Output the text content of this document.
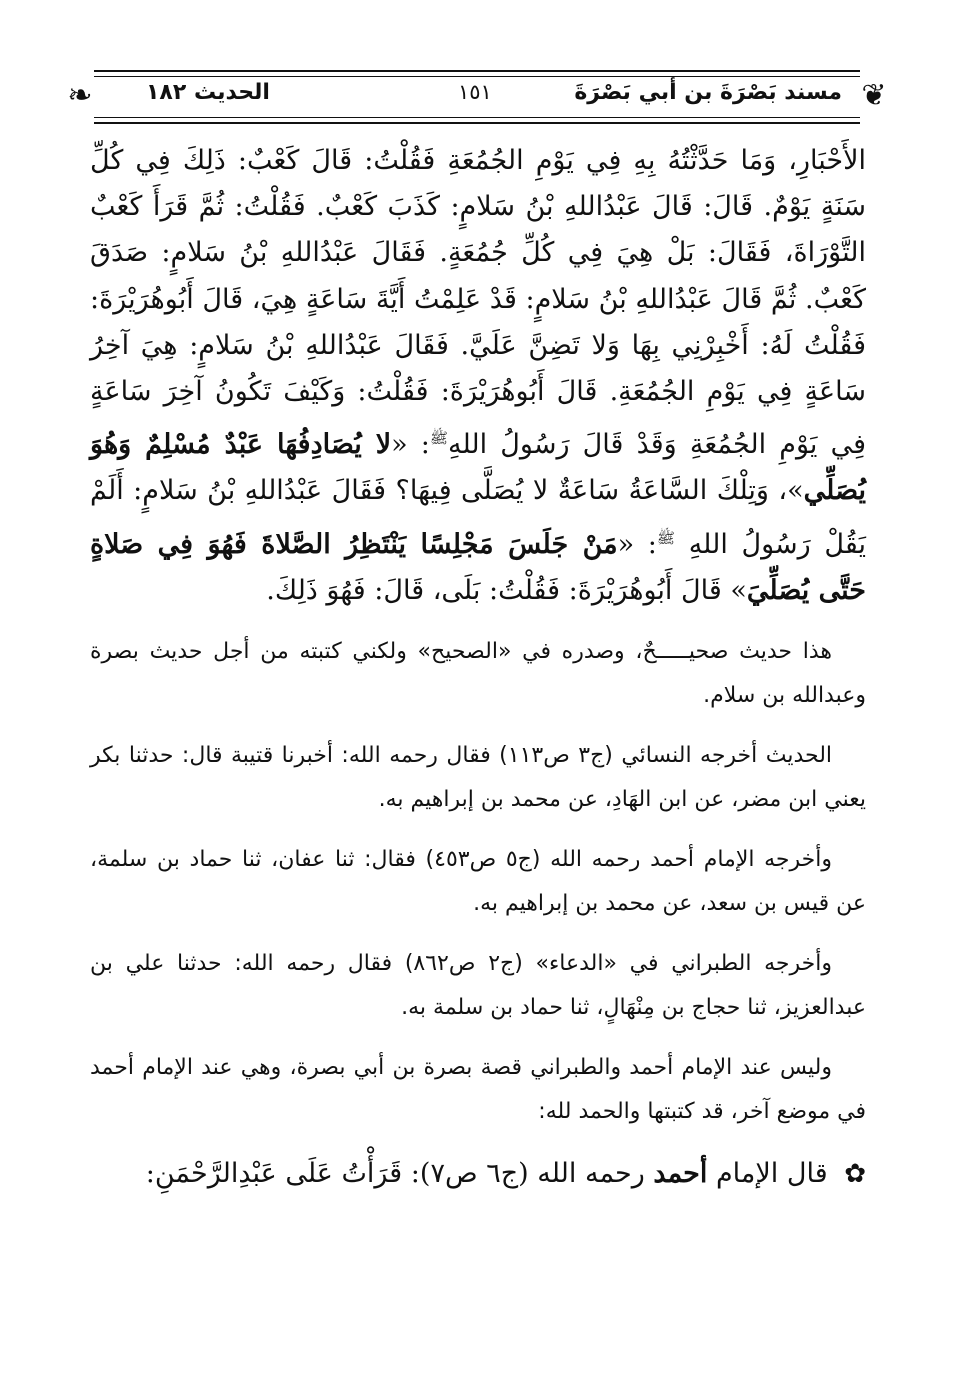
❦
❧	مسند بَصْرَةَ بن أبي بَصْرَةَ
١٥١
الحديث ١٨٢

الأَحْبَارِ، وَمَا حَدَّثْتُهُ بِهِ فِي يَوْمِ الجُمُعَةِ فَقُلْتُ: قَالَ كَعْبٌ: ذَلِكَ فِي كُلِّ سَنَةٍ يَوْمٌ. قَالَ: قَالَ عَبْدُاللهِ بْنُ سَلامٍ: كَذَبَ كَعْبٌ. فَقُلْتُ: ثُمَّ قَرَأَ كَعْبٌ التَّوْرَاةَ، فَقَالَ: بَلْ هِيَ فِي كُلِّ جُمُعَةٍ. فَقَالَ عَبْدُاللهِ بْنُ سَلامٍ: صَدَقَ كَعْبٌ. ثُمَّ قَالَ عَبْدُاللهِ بْنُ سَلامٍ: قَدْ عَلِمْتُ أَيَّةَ سَاعَةٍ هِيَ، قَالَ أَبُوهُرَيْرَةَ: فَقُلْتُ لَهُ: أَخْبِرْنِي بِهَا وَلا تَضِنَّ عَلَيَّ. فَقَالَ عَبْدُاللهِ بْنُ سَلامٍ: هِيَ آخِرُ سَاعَةٍ فِي يَوْمِ الجُمُعَةِ. قَالَ أَبُوهُرَيْرَةَ: فَقُلْتُ: وَكَيْفَ تَكُونُ آخِرَ سَاعَةٍ فِي يَوْمِ الجُمُعَةِ وَقَدْ قَالَ رَسُولُ اللهِ$^ﷺ$: «لا يُصَادِفُهَا عَبْدٌ مُسْلِمٌ وَهُوَ يُصَلِّي»، وَتِلْكَ السَّاعَةُ سَاعَةٌ لا يُصَلَّى فِيهَا؟ فَقَالَ عَبْدُاللهِ بْنُ سَلامٍ: أَلَمْ يَقُلْ رَسُولُ اللهِ $^ﷺ$: «مَنْ جَلَسَ مَجْلِسًا يَنْتَظِرُ الصَّلاةَ فَهُوَ فِي صَلاةٍ حَتَّى يُصَلِّيَ» قَالَ أَبُوهُرَيْرَةَ: فَقُلْتُ: بَلَى، قَالَ: فَهُوَ ذَلِكَ.

هذا حديث صحيـــــحٌ، وصدره في «الصحيح» ولكني كتبته من أجل حديث بصرة وعبدالله بن سلام.

الحديث أخرجه النسائي (ج٣ ص١١٣) فقال رحمه الله: أخبرنا قتيبة قال: حدثنا بكر يعني ابن مضر، عن ابن الهَادِ، عن محمد بن إبراهيم به.

وأخرجه الإمام أحمد رحمه الله (ج٥ ص٤٥٣) فقال: ثنا عفان، ثنا حماد بن سلمة، عن قيس بن سعد، عن محمد بن إبراهيم به.

وأخرجه الطبراني في «الدعاء» (ج٢ ص٨٦٢) فقال رحمه الله: حدثنا علي بن عبدالعزيز، ثنا حجاج بن مِنْهَالٍ، ثنا حماد بن سلمة به.

وليس عند الإمام أحمد والطبراني قصة بصرة بن أبي بصرة، وهي عند الإمام أحمد في موضع آخر، قد كتبتها والحمد لله:

✿ قال الإمام أحمد رحمه الله (ج٦ ص٧): قَرَأْتُ عَلَى عَبْدِالرَّحْمَنِ:
